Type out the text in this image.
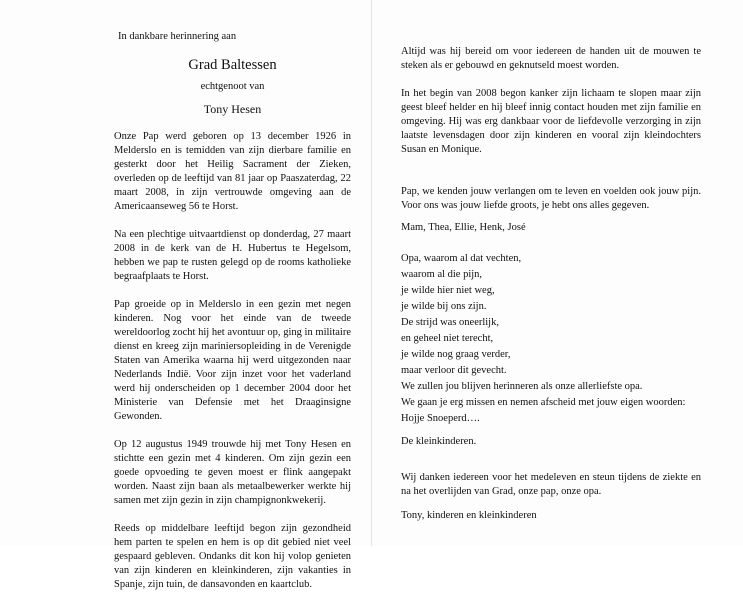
In dankbare herinnering aan
Grad Baltessen
echtgenoot van
Tony Hesen

Onze Pap werd geboren op 13 december 1926 in Melderslo en is temidden van zijn dierbare familie en gesterkt door het Heilig Sacrament der Zieken, overleden op de leeftijd van 81 jaar op Paaszaterdag, 22 maart 2008, in zijn vertrouwde omgeving aan de Americaanseweg 56 te Horst.

Na een plechtige uitvaartdienst op donderdag, 27 maart 2008 in de kerk van de H. Hubertus te Hegelsom, hebben we pap te rusten gelegd op de rooms katholieke begraafplaats te Horst.

Pap groeide op in Melderslo in een gezin met negen kinderen. Nog voor het einde van de tweede wereldoorlog zocht hij het avontuur op, ging in militaire dienst en kreeg zijn mariniersopleiding in de Verenigde Staten van Amerika waarna hij werd uitgezonden naar Nederlands Indië. Voor zijn inzet voor het vaderland werd hij onderscheiden op 1 december 2004 door het Ministerie van Defensie met het Draaginsigne Gewonden.

Op 12 augustus 1949 trouwde hij met Tony Hesen en stichtte een gezin met 4 kinderen. Om zijn gezin een goede opvoeding te geven moest er flink aangepakt worden. Naast zijn baan als metaalbewerker werkte hij samen met zijn gezin in zijn champignonkwekerij.

Reeds op middelbare leeftijd begon zijn gezondheid hem parten te spelen en hem is op dit gebied niet veel gespaard gebleven. Ondanks dit kon hij volop genieten van zijn kinderen en kleinkinderen, zijn vakanties in Spanje, zijn tuin, de dansavonden en kaartclub.

Altijd was hij bereid om voor iedereen de handen uit de mouwen te steken als er gebouwd en geknutseld moest worden.

In het begin van 2008 begon kanker zijn lichaam te slopen maar zijn geest bleef helder en hij bleef innig contact houden met zijn familie en omgeving. Hij was erg dankbaar voor de liefdevolle verzorging in zijn laatste levensdagen door zijn kinderen en vooral zijn kleindochters Susan en Monique.

Pap, we kenden jouw verlangen om te leven en voelden ook jouw pijn. Voor ons was jouw liefde groots, je hebt ons alles gegeven.

Mam, Thea, Ellie, Henk, José
Opa, waarom al dat vechten,
waarom al die pijn,
je wilde hier niet weg,
je wilde bij ons zijn.
De strijd was oneerlijk,
en geheel niet terecht,
je wilde nog graag verder,
maar verloor dit gevecht.
We zullen jou blijven herinneren als onze allerliefste opa.
We gaan je erg missen en nemen afscheid met jouw eigen woorden:
Hojje Snoeperd….
De kleinkinderen.

Wij danken iedereen voor het medeleven en steun tijdens de ziekte en na het overlijden van Grad, onze pap, onze opa.

Tony, kinderen en kleinkinderen
